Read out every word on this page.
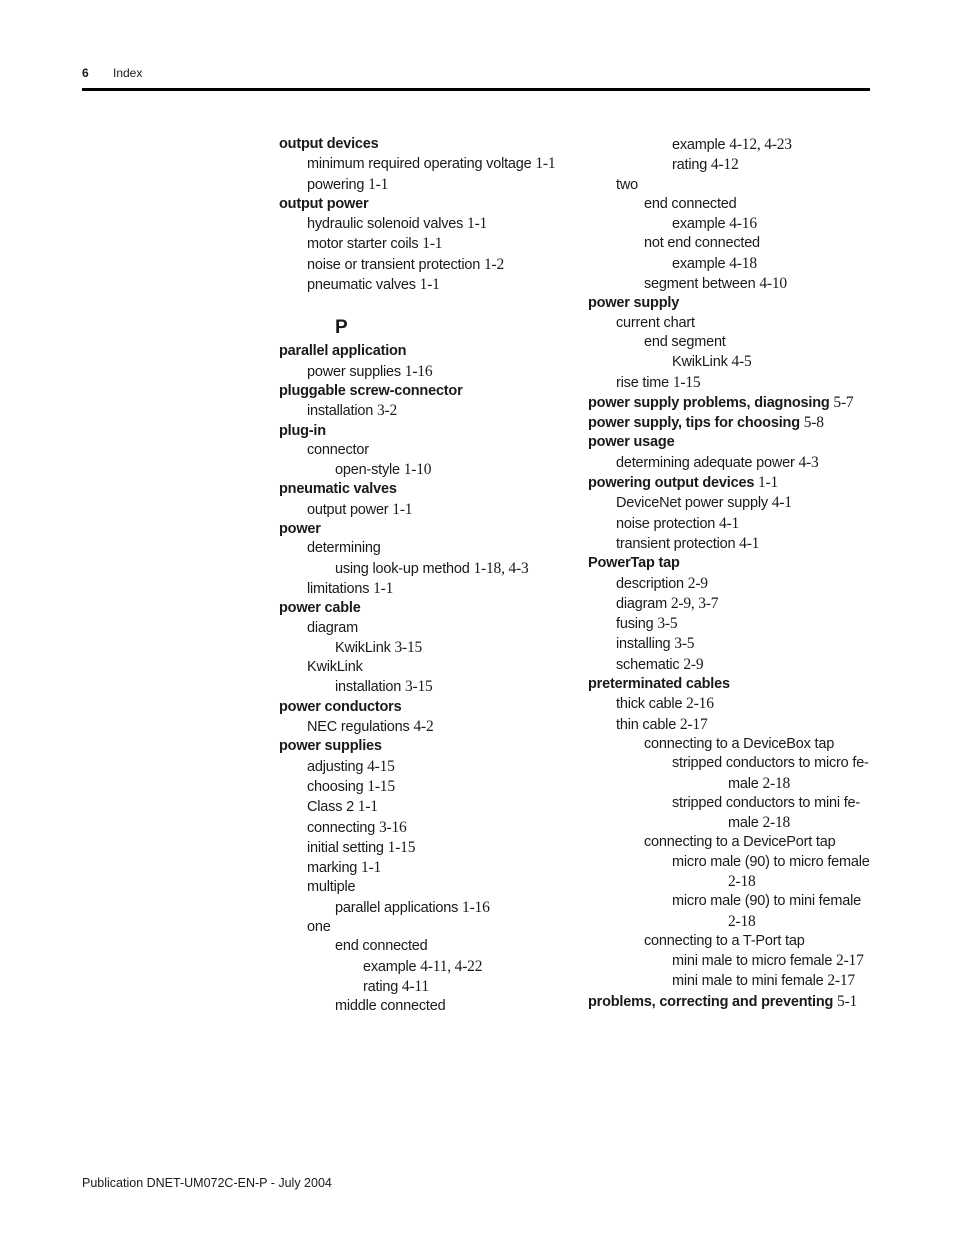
6 Index
output devices
minimum required operating voltage 1-1
powering 1-1
output power
hydraulic solenoid valves 1-1
motor starter coils 1-1
noise or transient protection 1-2
pneumatic valves 1-1
P
parallel application
power supplies 1-16
pluggable screw-connector
installation 3-2
plug-in
connector
open-style 1-10
pneumatic valves
output power 1-1
power
determining
using look-up method 1-18, 4-3
limitations 1-1
power cable
diagram
KwikLink 3-15
KwikLink
installation 3-15
power conductors
NEC regulations 4-2
power supplies
adjusting 4-15
choosing 1-15
Class 2 1-1
connecting 3-16
initial setting 1-15
marking 1-1
multiple
parallel applications 1-16
one
end connected
example 4-11, 4-22
rating 4-11
middle connected
example 4-12, 4-23
rating 4-12
two
end connected
example 4-16
not end connected
example 4-18
segment between 4-10
power supply
current chart
end segment
KwikLink 4-5
rise time 1-15
power supply problems, diagnosing 5-7
power supply, tips for choosing 5-8
power usage
determining adequate power 4-3
powering output devices 1-1
DeviceNet power supply 4-1
noise protection 4-1
transient protection 4-1
PowerTap tap
description 2-9
diagram 2-9, 3-7
fusing 3-5
installing 3-5
schematic 2-9
preterminated cables
thick cable 2-16
thin cable 2-17
connecting to a DeviceBox tap
stripped conductors to micro fe-
male 2-18
stripped conductors to mini fe-
male 2-18
connecting to a DevicePort tap
micro male (90) to micro female
2-18
micro male (90) to mini female
2-18
connecting to a T-Port tap
mini male to micro female 2-17
mini male to mini female 2-17
problems, correcting and preventing 5-1
Publication DNET-UM072C-EN-P - July 2004
